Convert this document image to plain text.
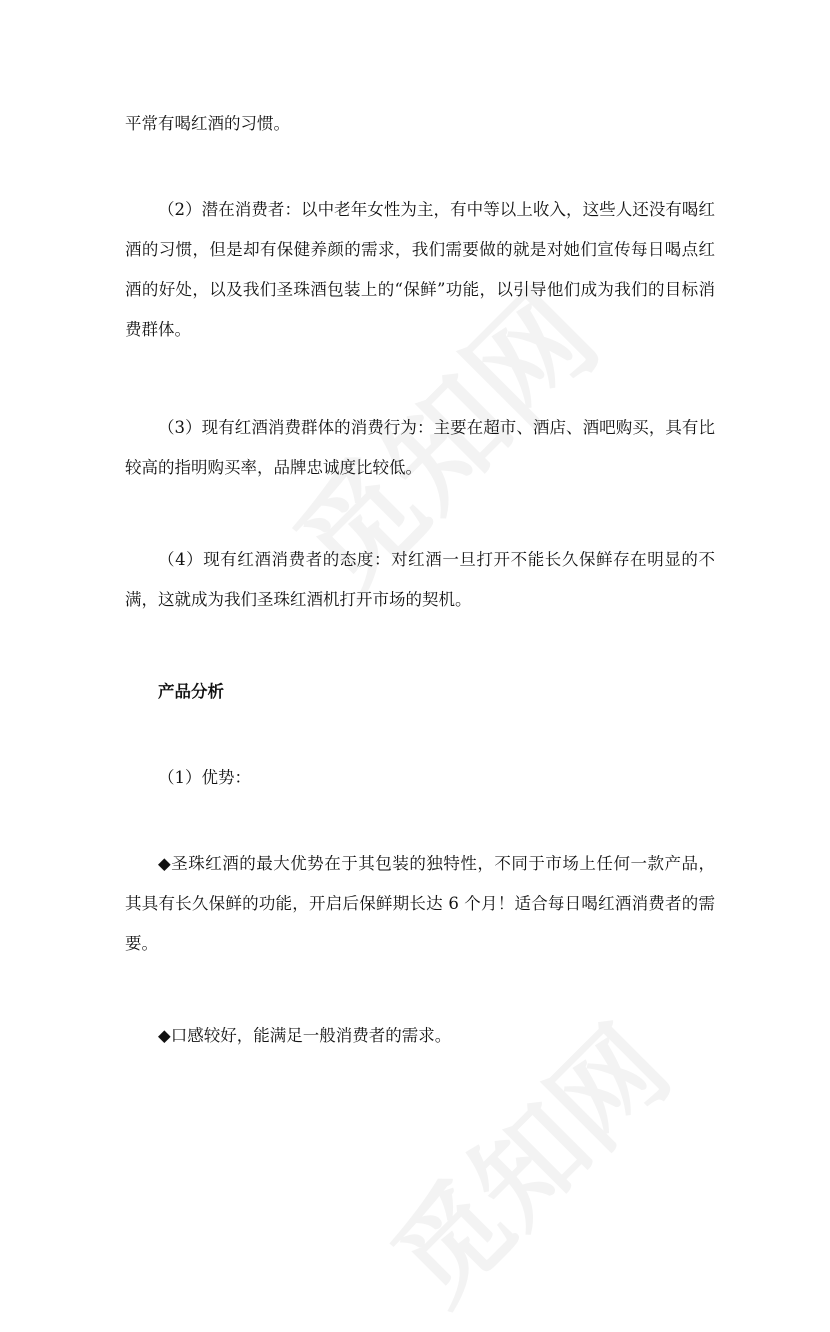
平常有喝红酒的习惯。

（2）潜在消费者：以中老年女性为主，有中等以上收入，这些人还没有喝红酒的习惯，但是却有保健养颜的需求，我们需要做的就是对她们宣传每日喝点红酒的好处，以及我们圣珠酒包装上的“保鲜”功能，以引导他们成为我们的目标消费群体。

（3）现有红酒消费群体的消费行为：主要在超市、酒店、酒吧购买，具有比较高的指明购买率，品牌忠诚度比较低。

（4）现有红酒消费者的态度：对红酒一旦打开不能长久保鲜存在明显的不满，这就成为我们圣珠红酒机打开市场的契机。

产品分析

（1）优势：

◆圣珠红酒的最大优势在于其包装的独特性，不同于市场上任何一款产品，其具有长久保鲜的功能，开启后保鲜期长达 6 个月！适合每日喝红酒消费者的需要。

◆口感较好，能满足一般消费者的需求。
